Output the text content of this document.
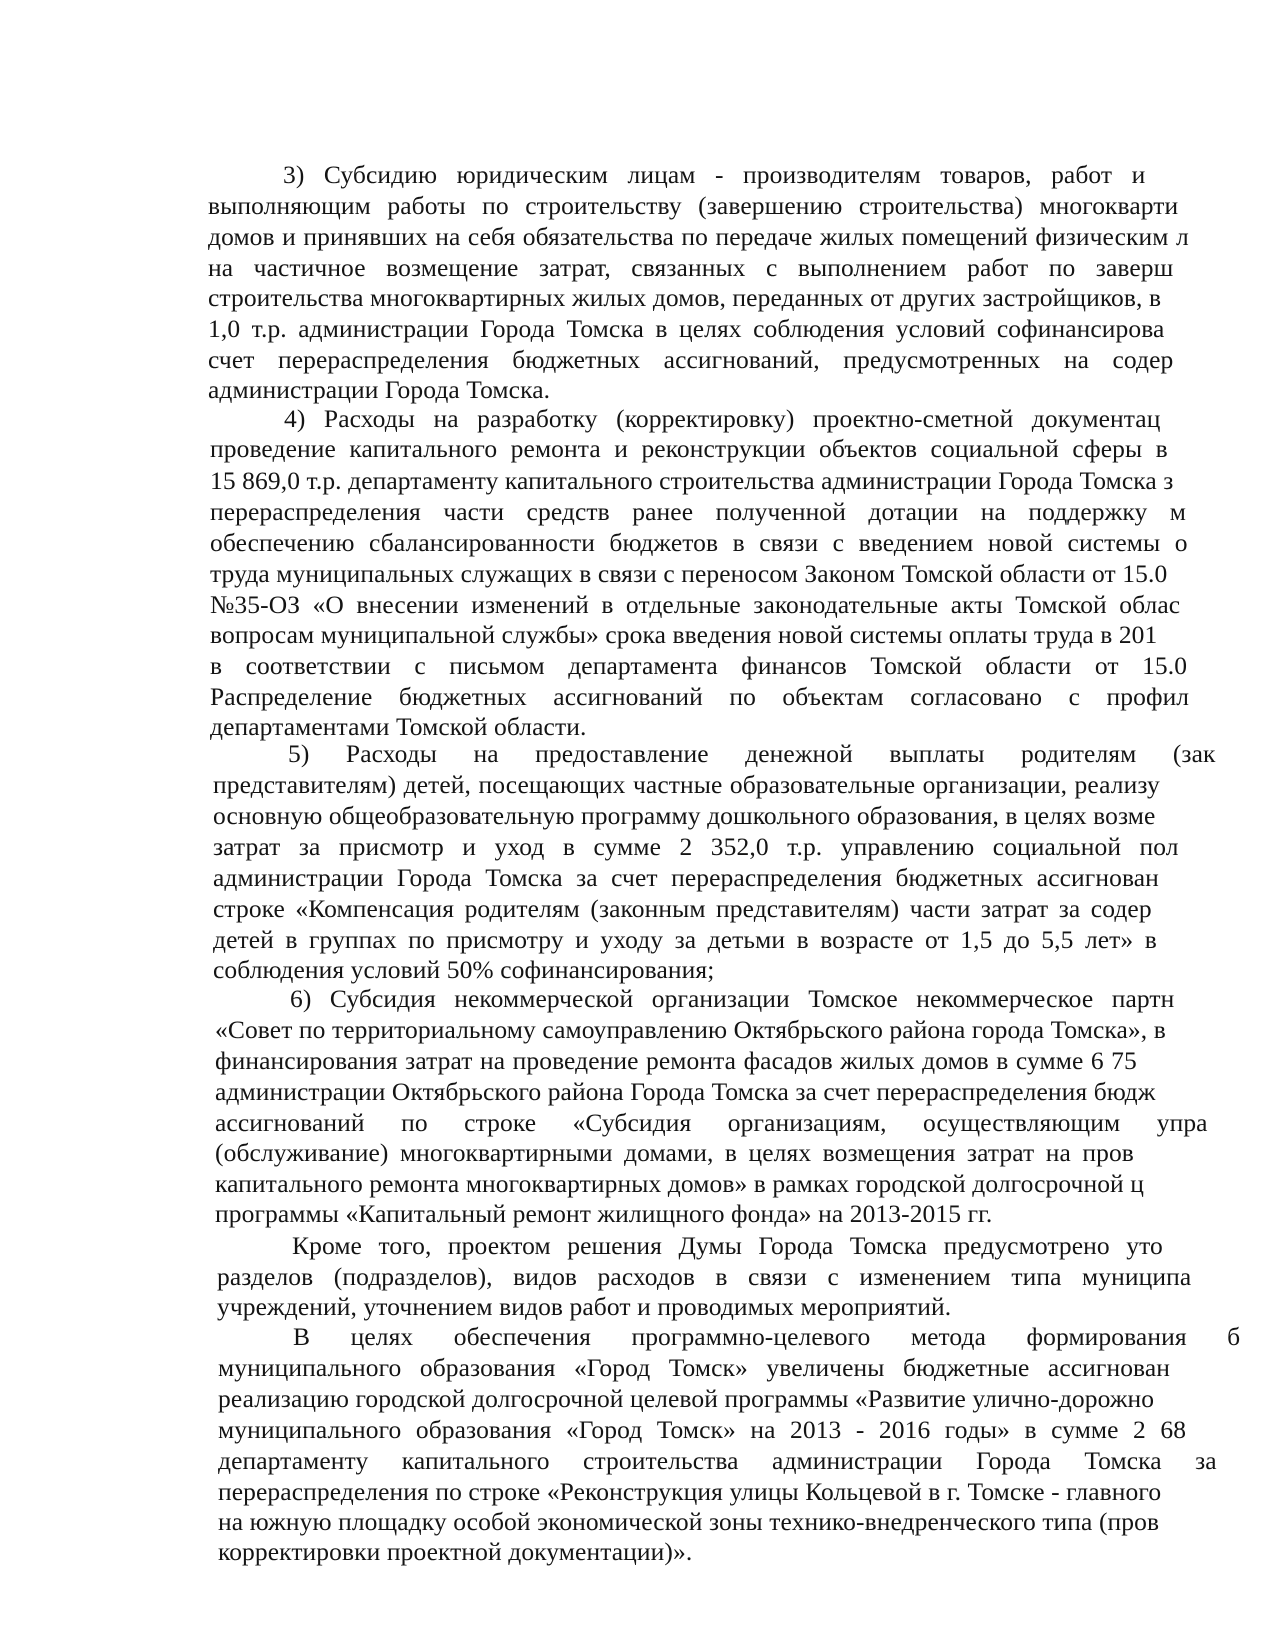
3) Субсидию юридическим лицам - производителям товаров, работ и
выполняющим работы по строительству (завершению строительства) многокварти
домов и принявших на себя обязательства по передаче жилых помещений физическим л
на частичное возмещение затрат, связанных с выполнением работ по заверш
строительства многоквартирных жилых домов, переданных от других застройщиков, в
1,0 т.р. администрации Города Томска в целях соблюдения условий софинансирова
счет перераспределения бюджетных ассигнований, предусмотренных на содер
администрации Города Томска.
4) Расходы на разработку (корректировку) проектно-сметной документац
проведение капитального ремонта и реконструкции объектов социальной сферы в
15 869,0 т.р. департаменту капитального строительства администрации Города Томска з
перераспределения части средств ранее полученной дотации на поддержку м
обеспечению сбалансированности бюджетов в связи с введением новой системы о
труда муниципальных служащих в связи с переносом Законом Томской области от 15.0
№35-ОЗ «О внесении изменений в отдельные законодательные акты Томской облас
вопросам муниципальной службы» срока введения новой системы оплаты труда в 201
в соответствии с письмом департамента финансов Томской области от 15.0
Распределение бюджетных ассигнований по объектам согласовано с профил
департаментами Томской области.
5) Расходы на предоставление денежной выплаты родителям (зак
представителям) детей, посещающих частные образовательные организации, реализу
основную общеобразовательную программу дошкольного образования, в целях возме
затрат за присмотр и уход в сумме 2 352,0 т.р. управлению социальной пол
администрации Города Томска за счет перераспределения бюджетных ассигнован
строке «Компенсация родителям (законным представителям) части затрат за содер
детей в группах по присмотру и уходу за детьми в возрасте от 1,5 до 5,5 лет» в
соблюдения условий 50% софинансирования;
6) Субсидия некоммерческой организации Томское некоммерческое партн
«Совет по территориальному самоуправлению Октябрьского района города Томска», в
финансирования затрат на проведение ремонта фасадов жилых домов в сумме 6 75
администрации Октябрьского района Города Томска за счет перераспределения бюдж
ассигнований по строке «Субсидия организациям, осуществляющим упра
(обслуживание) многоквартирными домами, в целях возмещения затрат на пров
капитального ремонта многоквартирных домов» в рамках городской долгосрочной ц
программы «Капитальный ремонт жилищного фонда» на 2013-2015 гг.
Кроме того, проектом решения Думы Города Томска предусмотрено уто
разделов (подразделов), видов расходов в связи с изменением типа муниципа
учреждений, уточнением видов работ и проводимых мероприятий.
В целях обеспечения программно-целевого метода формирования б
муниципального образования «Город Томск» увеличены бюджетные ассигнован
реализацию городской долгосрочной целевой программы «Развитие улично-дорожно
муниципального образования «Город Томск» на 2013 - 2016 годы» в сумме 2 68
департаменту капитального строительства администрации Города Томска за
перераспределения по строке «Реконструкция улицы Кольцевой в г. Томске - главного
на южную площадку особой экономической зоны технико-внедренческого типа (пров
корректировки проектной документации)».
